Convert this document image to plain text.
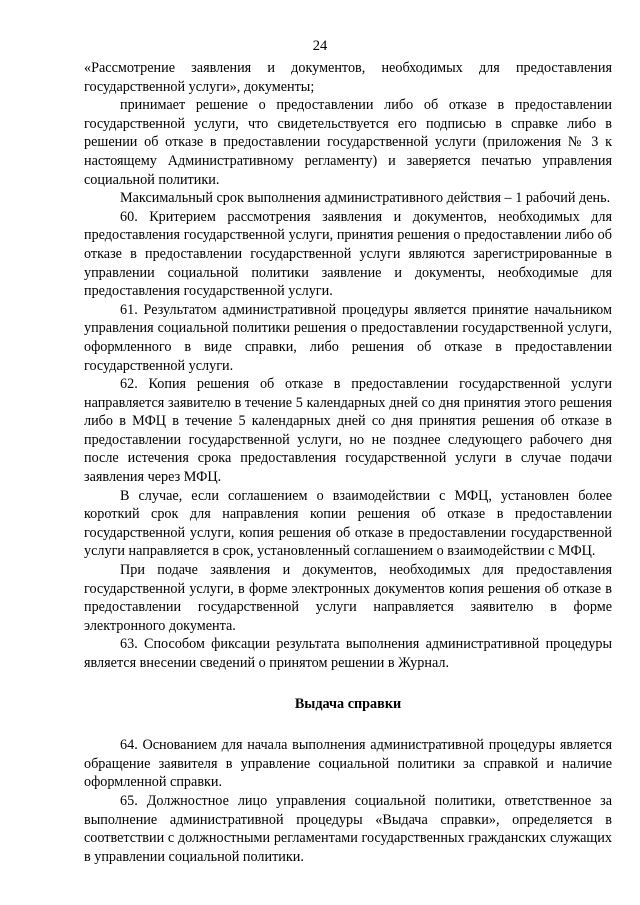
24

«Рассмотрение заявления и документов, необходимых для предоставления государственной услуги», документы;

принимает решение о предоставлении либо об отказе в предоставлении государственной услуги, что свидетельствуется его подписью в справке либо в решении об отказе в предоставлении государственной услуги (приложения № 3 к настоящему Административному регламенту) и заверяется печатью управления социальной политики.

Максимальный срок выполнения административного действия – 1 рабочий день.

60. Критерием рассмотрения заявления и документов, необходимых для предоставления государственной услуги, принятия решения о предоставлении либо об отказе в предоставлении государственной услуги являются зарегистрированные в управлении социальной политики заявление и документы, необходимые для предоставления государственной услуги.

61. Результатом административной процедуры является принятие начальником управления социальной политики решения о предоставлении государственной услуги, оформленного в виде справки, либо решения об отказе в предоставлении государственной услуги.

62. Копия решения об отказе в предоставлении государственной услуги направляется заявителю в течение 5 календарных дней со дня принятия этого решения либо в МФЦ в течение 5 календарных дней со дня принятия решения об отказе в предоставлении государственной услуги, но не позднее следующего рабочего дня после истечения срока предоставления государственной услуги в случае подачи заявления через МФЦ.

В случае, если соглашением о взаимодействии с МФЦ, установлен более короткий срок для направления копии решения об отказе в предоставлении государственной услуги, копия решения об отказе в предоставлении государственной услуги направляется в срок, установленный соглашением о взаимодействии с МФЦ.

При подаче заявления и документов, необходимых для предоставления государственной услуги, в форме электронных документов копия решения об отказе в предоставлении государственной услуги направляется заявителю в форме электронного документа.

63. Способом фиксации результата выполнения административной процедуры является внесении сведений о принятом решении в Журнал.

Выдача справки

64. Основанием для начала выполнения административной процедуры является обращение заявителя в управление социальной политики за справкой и наличие оформленной справки.

65. Должностное лицо управления социальной политики, ответственное за выполнение административной процедуры «Выдача справки», определяется в соответствии с должностными регламентами государственных гражданских служащих в управлении социальной политики.
